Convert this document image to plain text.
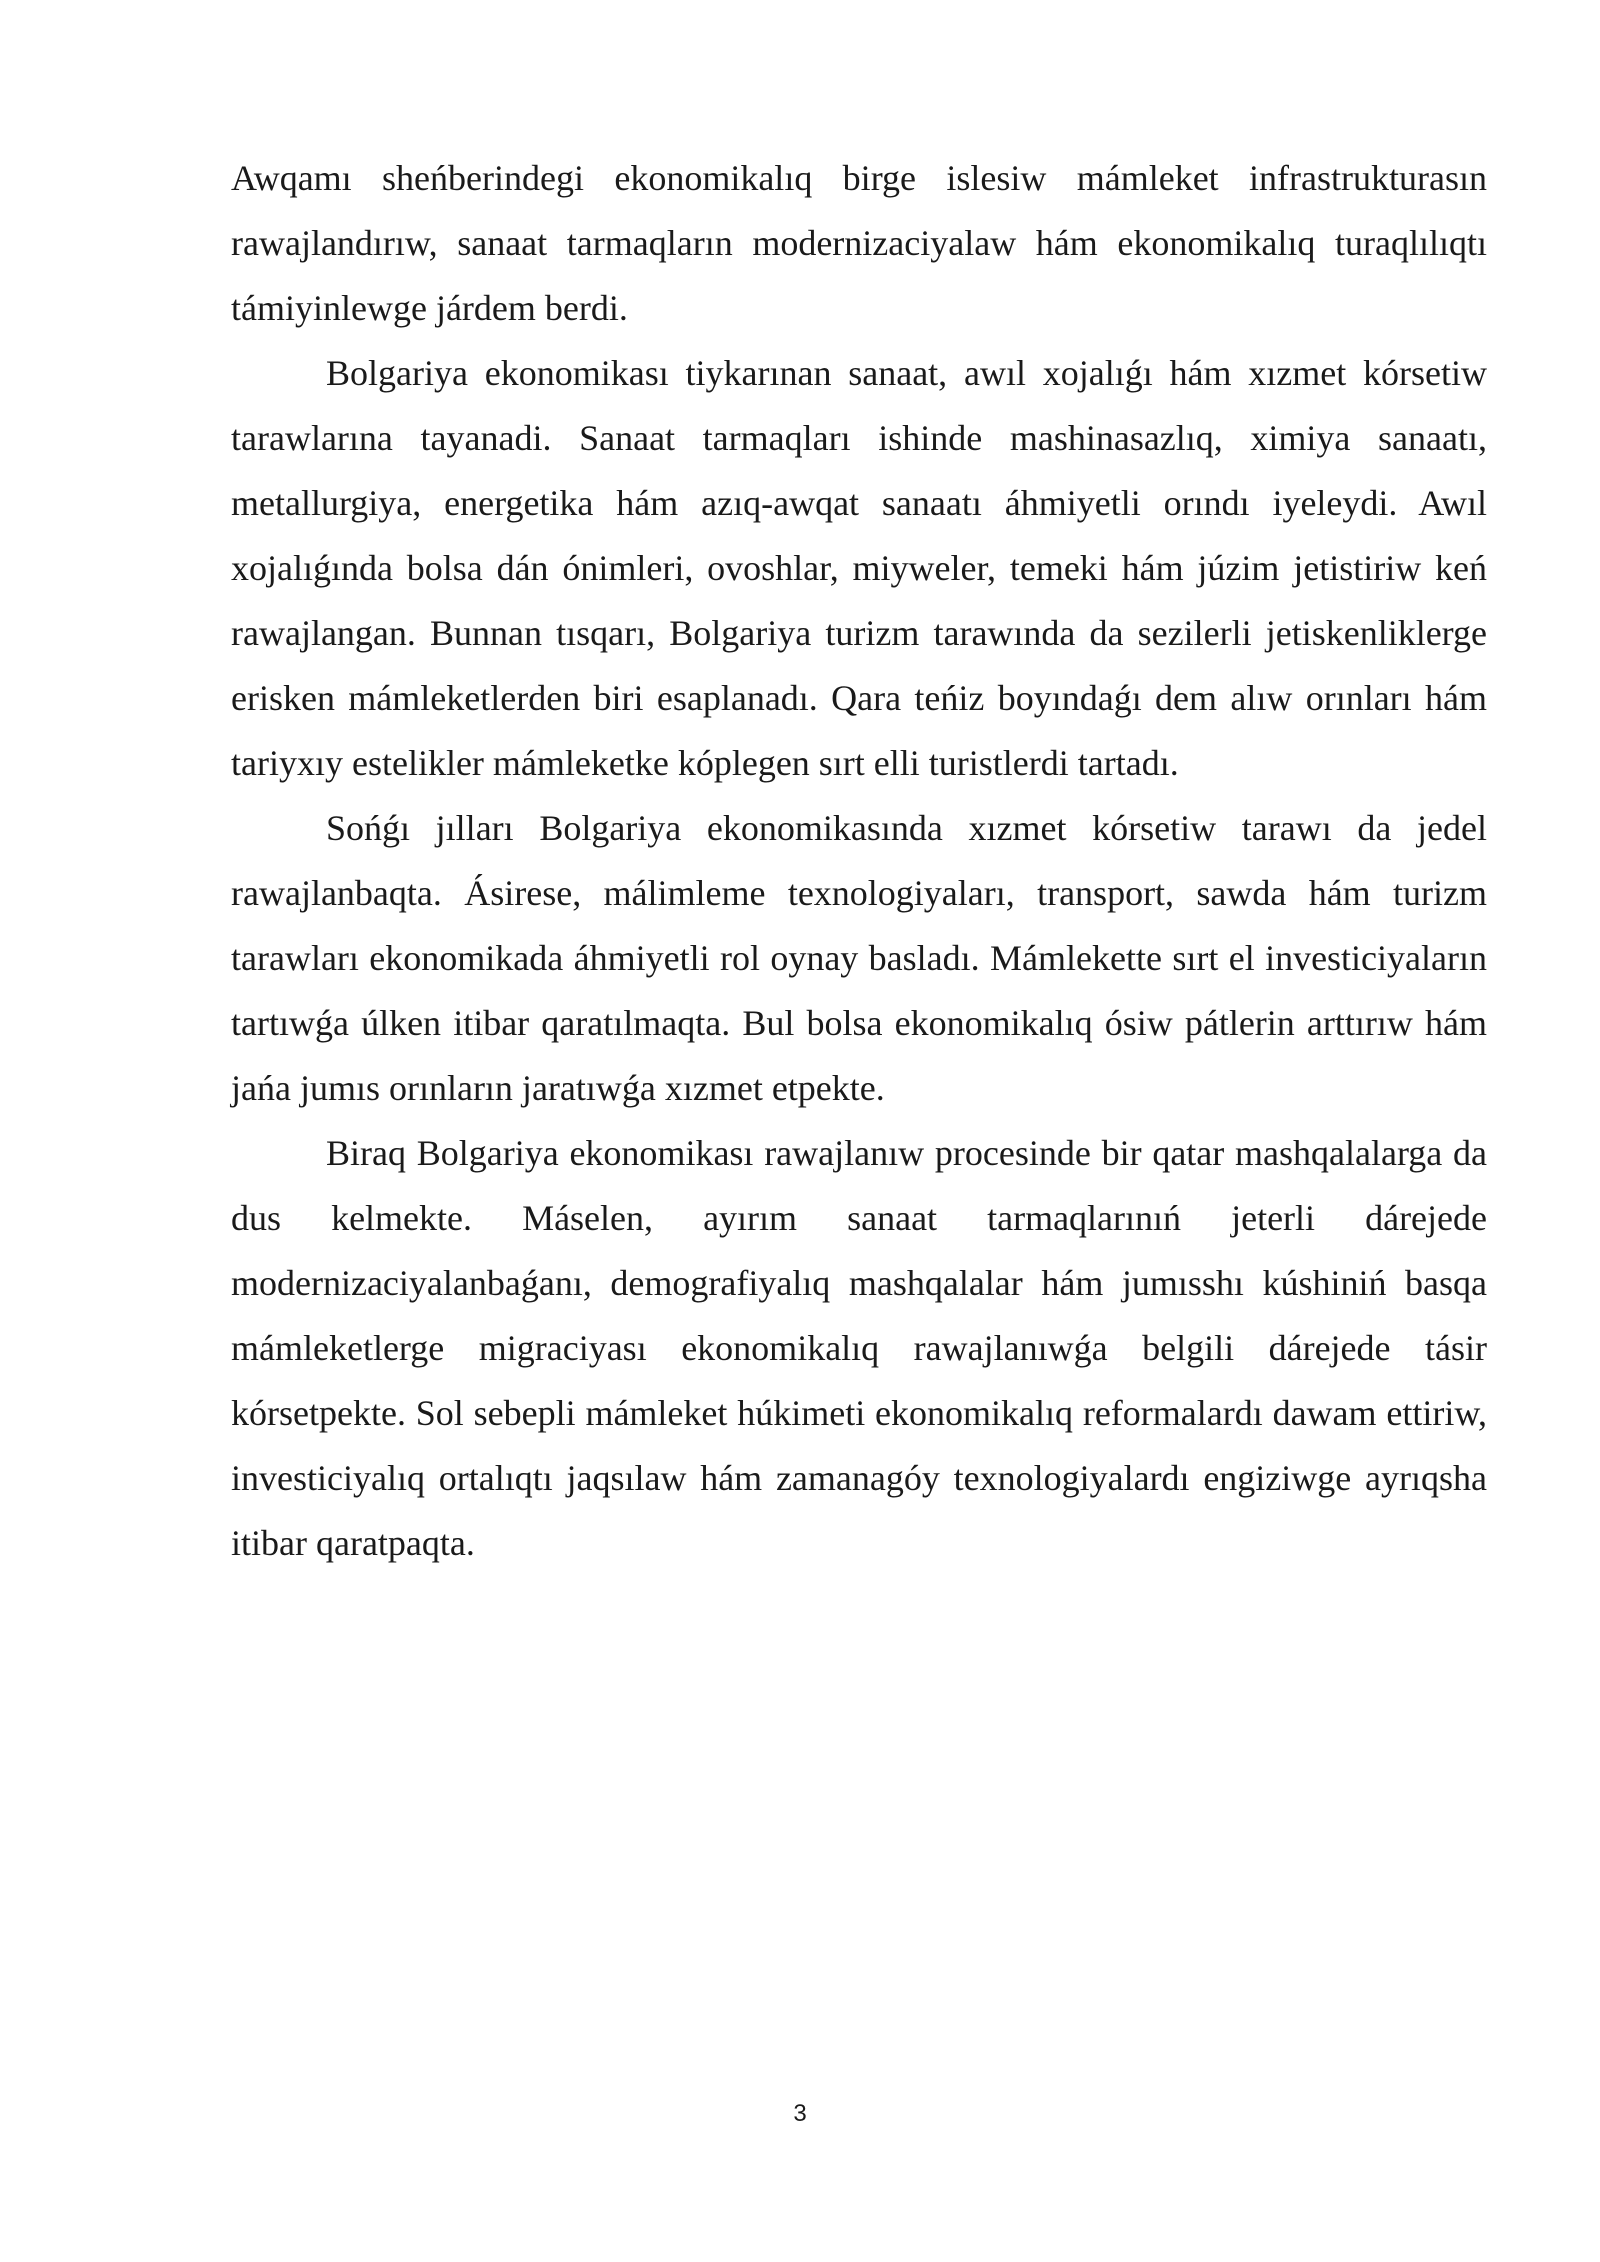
Awqamı sheńberindegi ekonomikalıq birge islesiw mámleket infrastrukturasın rawajlandırıw, sanaat tarmaqların modernizaciyalaw hám ekonomikalıq turaqlılıqtı támiyinlewge járdem berdi.

Bolgariya ekonomikası tiykarınan sanaat, awıl xojalıǵı hám xızmet kórsetiw tarawlarına tayanadi. Sanaat tarmaqları ishinde mashinasazlıq, ximiya sanaatı, metallurgiya, energetika hám azıq-awqat sanaatı áhmiyetli orındı iyeleydi. Awıl xojalıǵında bolsa dán ónimleri, ovoshlar, miyweler, temeki hám júzim jetistiriw keń rawajlangan. Bunnan tısqarı, Bolgariya turizm tarawında da sezilerli jetiskenliklerge erisken mámleketlerden biri esaplanadı. Qara teńiz boyındaǵı dem alıw orınları hám tariyxıy estelikler mámleketke kóplegen sırt elli turistlerdi tartadı.

Sońǵı jılları Bolgariya ekonomikasında xızmet kórsetiw tarawı da jedel rawajlanbaqta. Ásirese, málimleme texnologiyaları, transport, sawda hám turizm tarawları ekonomikada áhmiyetli rol oynay basladı. Mámlekette sırt el investiciyaların tartıwǵa úlken itibar qaratılmaqta. Bul bolsa ekonomikalıq ósiw pátlerin arttırıw hám jańa jumıs orınların jaratıwǵa xızmet etpekte.

Biraq Bolgariya ekonomikası rawajlanıw procesinde bir qatar mashqalalarga da dus kelmekte. Máselen, ayırım sanaat tarmaqlarınıń jeterli dárejede modernizaciyalanbaǵanı, demografiyalıq mashqalalar hám jumısshı kúshiniń basqa mámleketlerge migraciyası ekonomikalıq rawajlanıwǵa belgili dárejede tásir kórsetpekte. Sol sebepli mámleket húkimeti ekonomikalıq reformalardı dawam ettiriw, investiciyalıq ortalıqtı jaqsılaw hám zamanagóy texnologiyalardı engiziwge ayrıqsha itibar qaratpaqta.

3
